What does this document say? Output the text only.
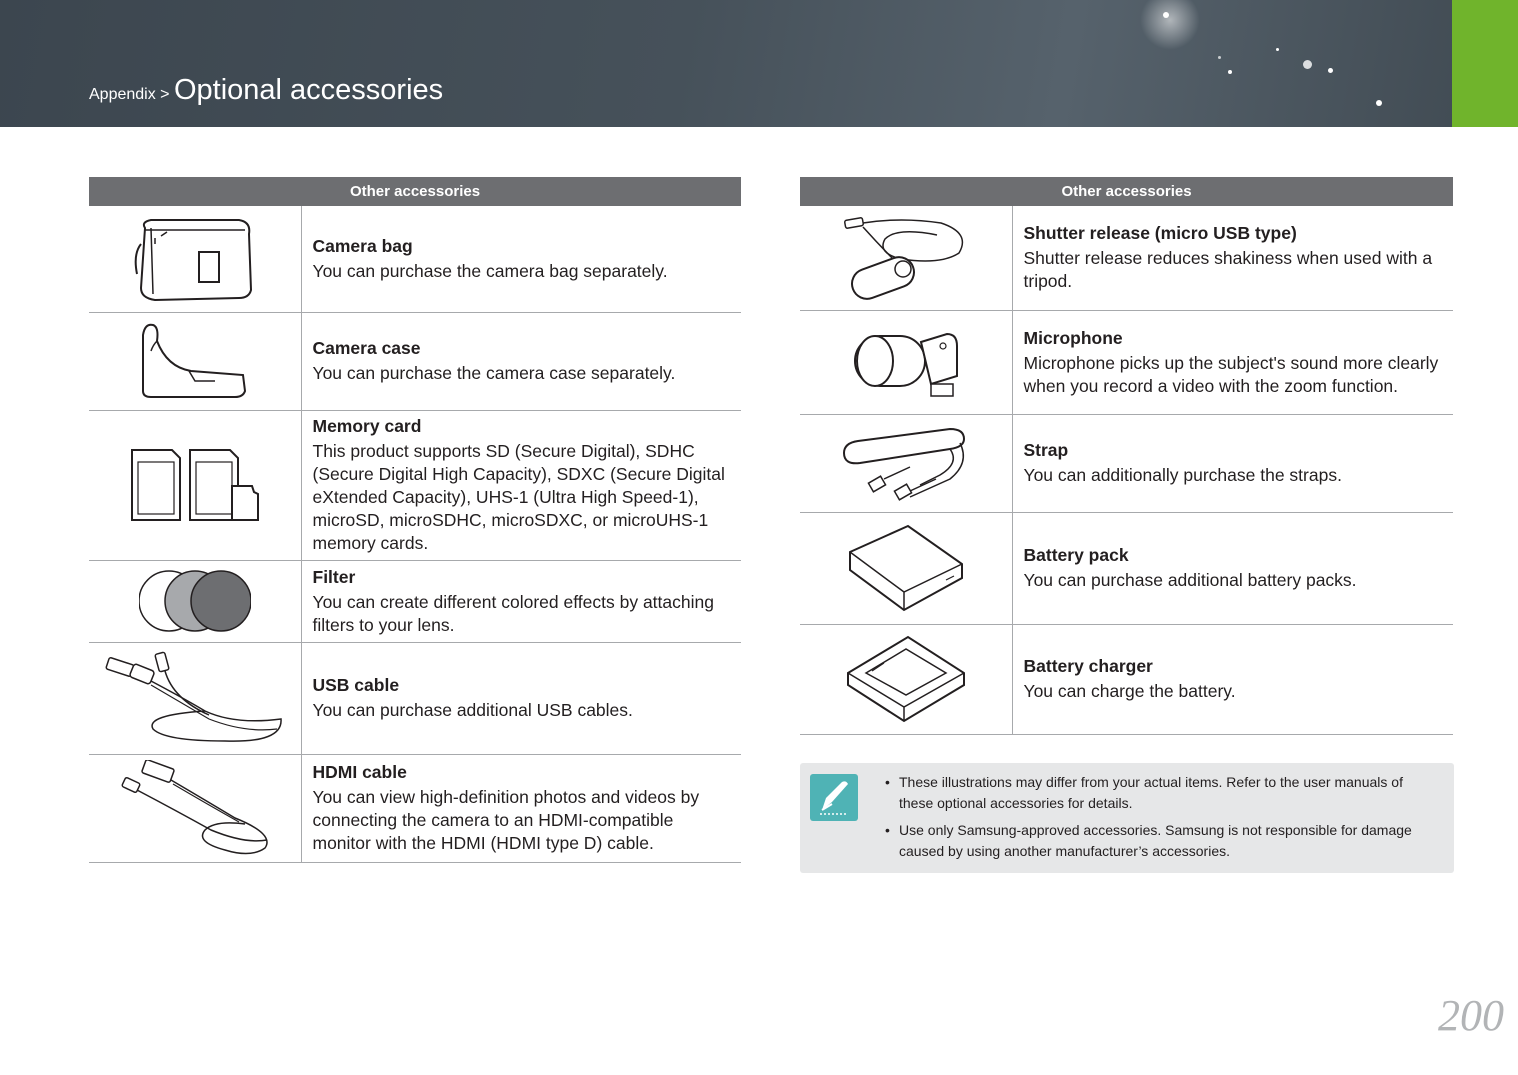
Appendix > Optional accessories
Other accessories	

Camera bag
You can purchase the camera bag separately.

Camera case
You can purchase the camera case separately.

Memory card
This product supports SD (Secure Digital), SDHC (Secure Digital High Capacity), SDXC (Secure Digital eXtended Capacity), UHS-1 (Ultra High Speed-1), microSD, microSDHC, microSDXC, or microUHS-1 memory cards.

Filter
You can create different colored effects by attaching filters to your lens.

USB cable
You can purchase additional USB cables.

HDMI cable
You can view high-definition photos and videos by connecting the camera to an HDMI-compatible monitor with the HDMI (HDMI type D) cable.
Other accessories	

Shutter release (micro USB type)
Shutter release reduces shakiness when used with a tripod.

Microphone
Microphone picks up the subject's sound more clearly when you record a video with the zoom function.

Strap
You can additionally purchase the straps.

Battery pack
You can purchase additional battery packs.

Battery charger
You can charge the battery.
• These illustrations may differ from your actual items. Refer to the user manuals of these optional accessories for details.
• Use only Samsung-approved accessories. Samsung is not responsible for damage caused by using another manufacturer’s accessories.
200
